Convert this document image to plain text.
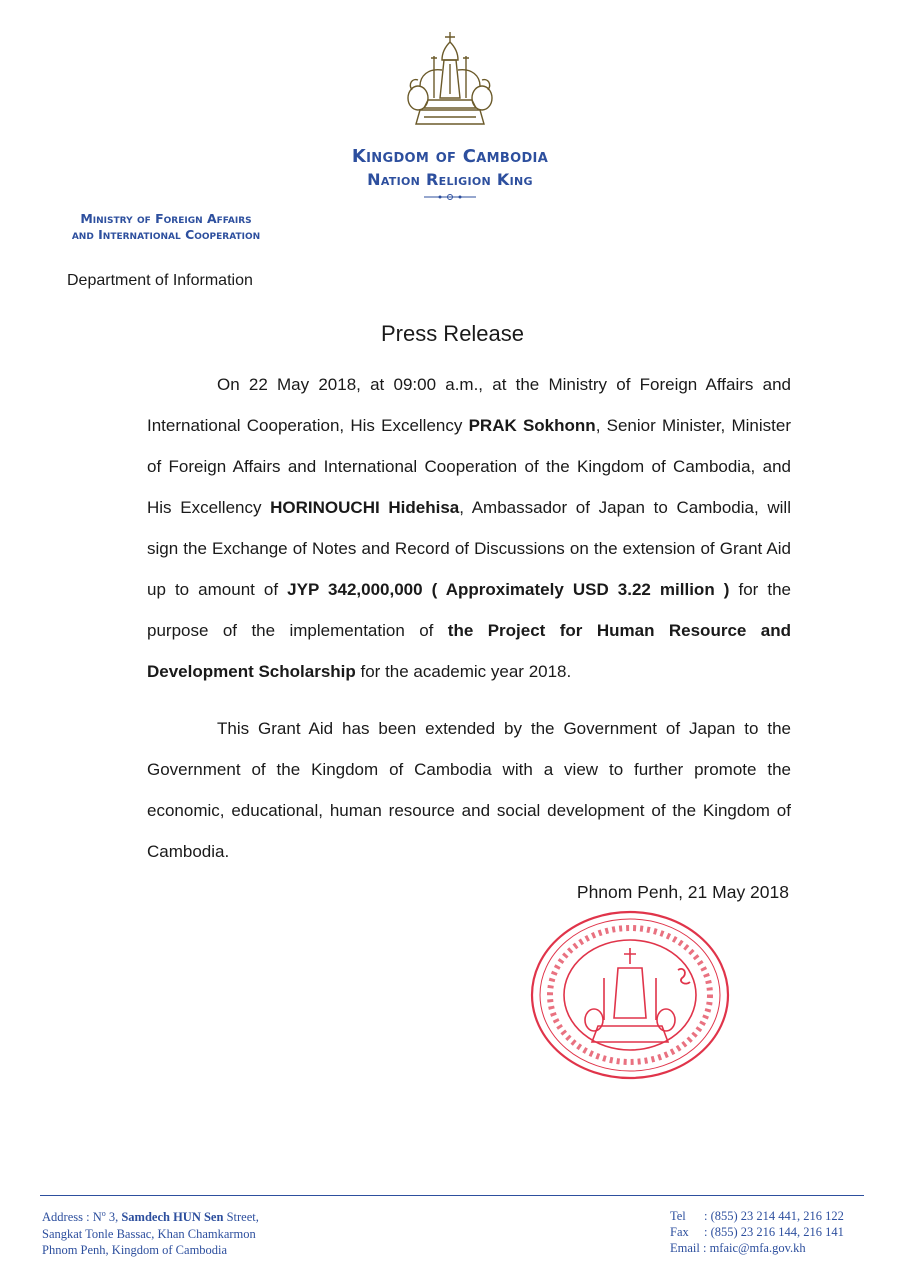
Kingdom of Cambodia
Nation Religion King
Ministry of Foreign Affairs
and International Cooperation
Department of Information
Press Release

On 22 May 2018, at 09:00 a.m., at the Ministry of Foreign Affairs and International Cooperation, His Excellency PRAK Sokhonn, Senior Minister, Minister of Foreign Affairs and International Cooperation of the Kingdom of Cambodia, and His Excellency HORINOUCHI Hidehisa, Ambassador of Japan to Cambodia, will sign the Exchange of Notes and Record of Discussions on the extension of Grant Aid up to amount of JYP 342,000,000 ( Approximately USD 3.22 million ) for the purpose of the implementation of the Project for Human Resource and Development Scholarship for the academic year 2018.

This Grant Aid has been extended by the Government of Japan to the Government of the Kingdom of Cambodia with a view to further promote the economic, educational, human resource and social development of the Kingdom of Cambodia.

Phnom Penh, 21 May 2018
Address : $N^o$ 3, Samdech HUN Sen Street,
Sangkat Tonle Bassac, Khan Chamkarmon
Phnom Penh, Kingdom of Cambodia
Tel : (855) 23 214 441, 216 122
Fax : (855) 23 216 144, 216 141
Email : mfaic@mfa.gov.kh
